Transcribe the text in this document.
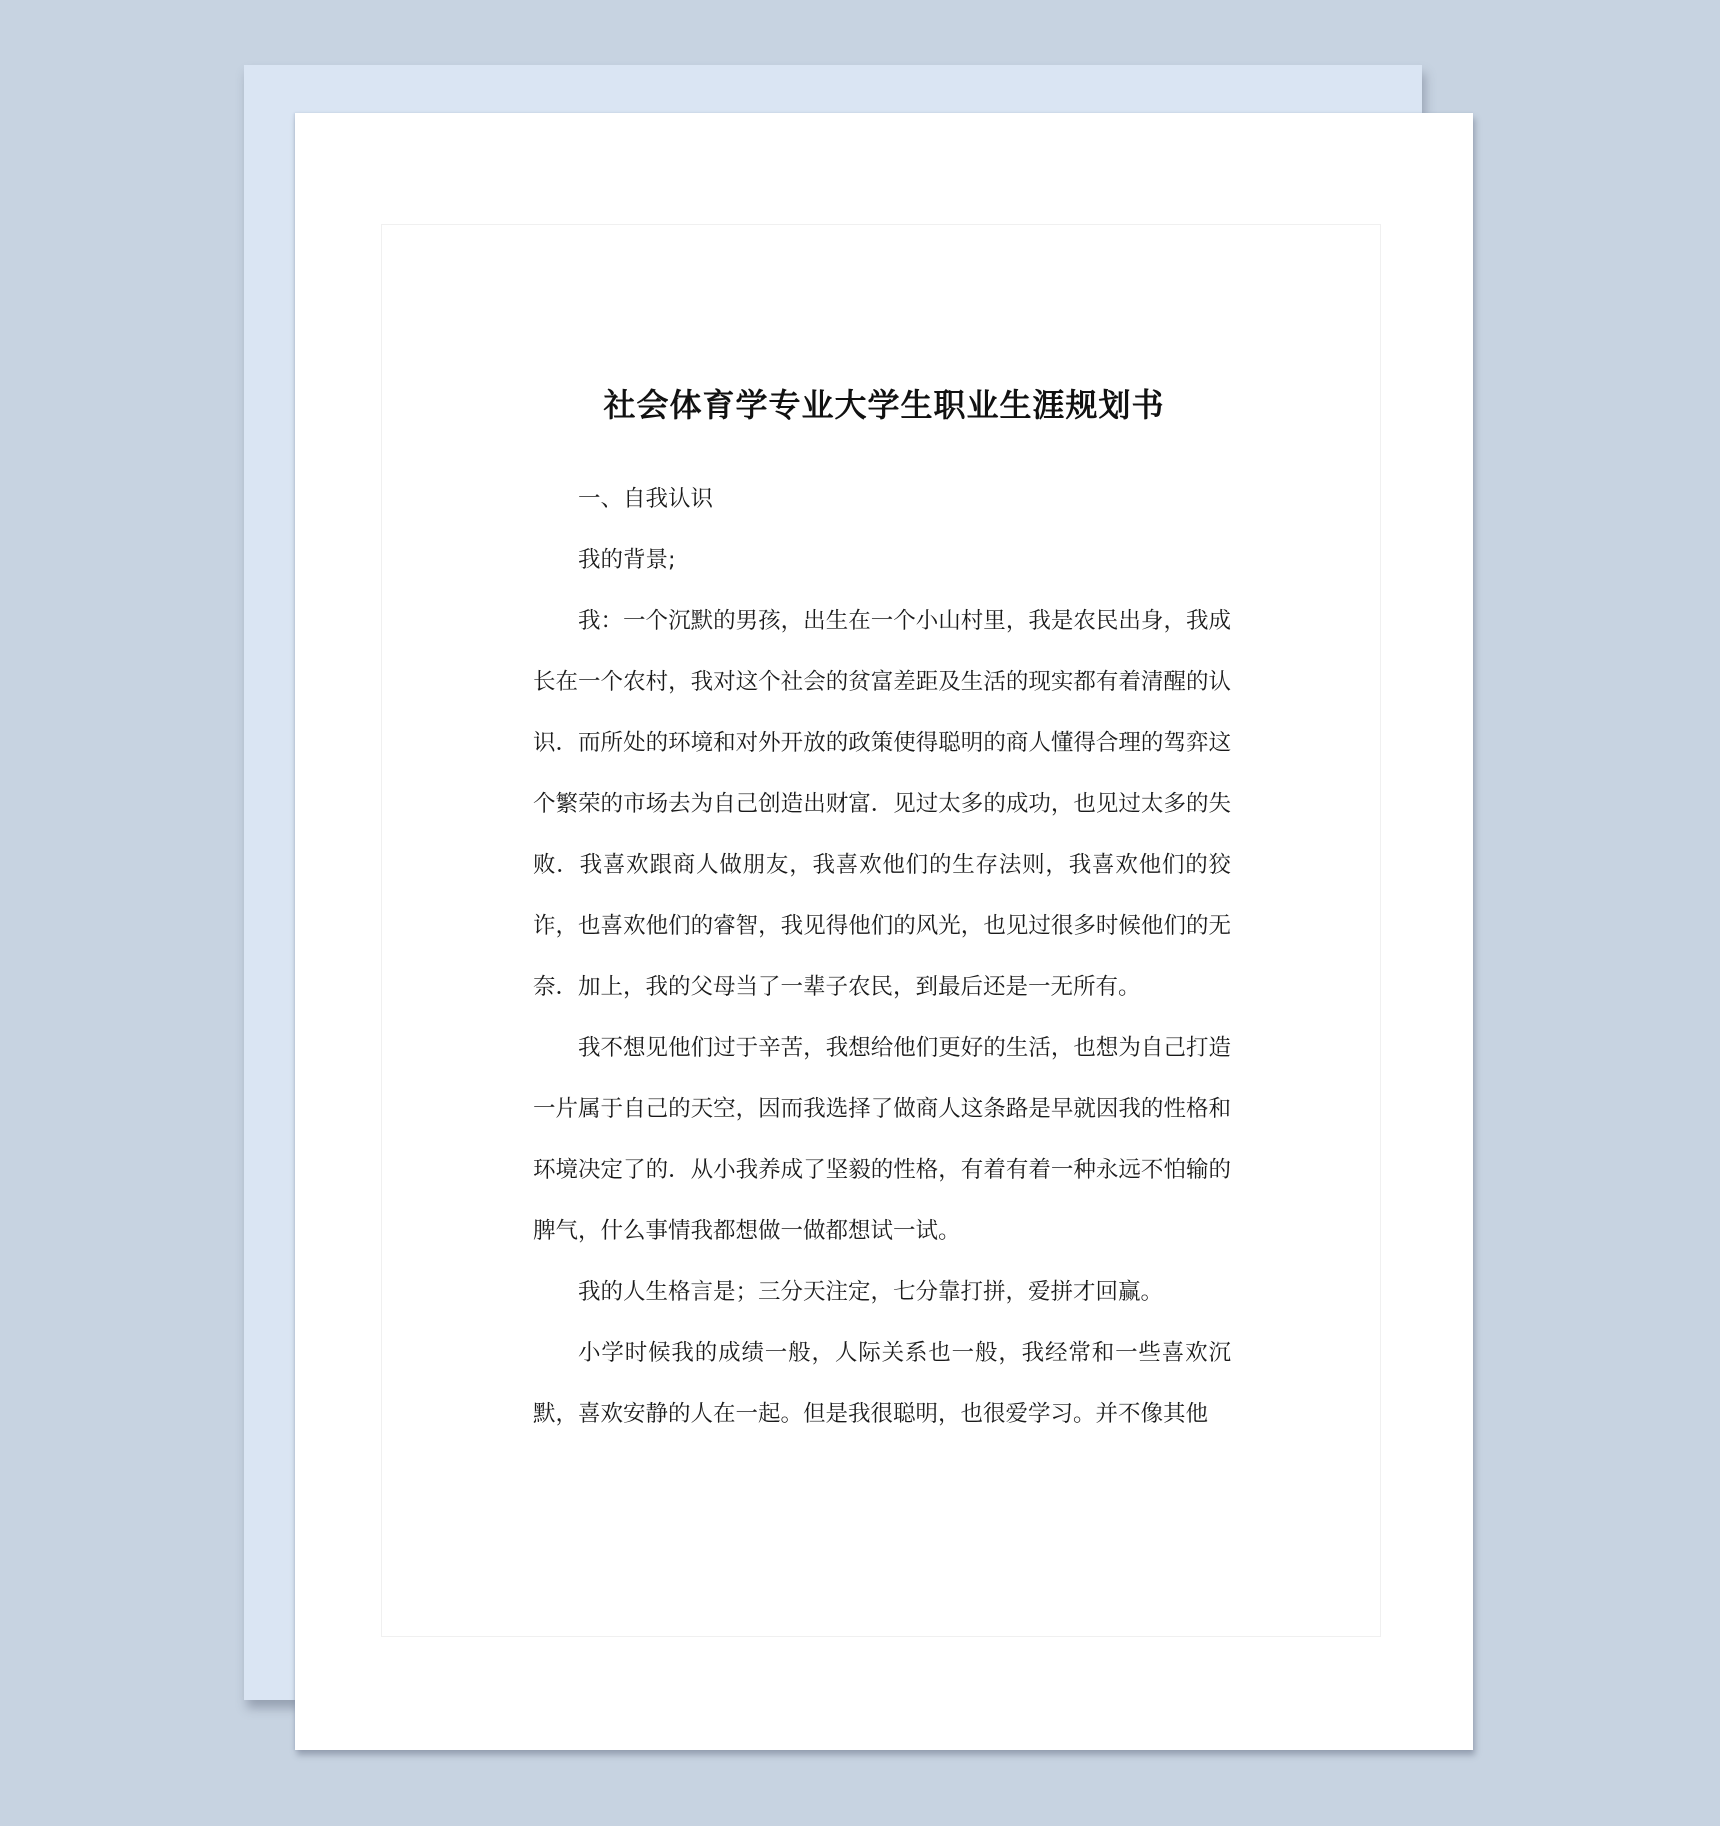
社会体育学专业大学生职业生涯规划书

一、自我认识

我的背景;

我：一个沉默的男孩，出生在一个小山村里，我是农民出身，我成长在一个农村，我对这个社会的贫富差距及生活的现实都有着清醒的认识．而所处的环境和对外开放的政策使得聪明的商人懂得合理的驾弈这个繁荣的市场去为自己创造出财富．见过太多的成功，也见过太多的失败．我喜欢跟商人做朋友，我喜欢他们的生存法则，我喜欢他们的狡诈，也喜欢他们的睿智，我见得他们的风光，也见过很多时候他们的无奈．加上，我的父母当了一辈子农民，到最后还是一无所有。

我不想见他们过于辛苦，我想给他们更好的生活，也想为自己打造一片属于自己的天空，因而我选择了做商人这条路是早就因我的性格和环境决定了的．从小我养成了坚毅的性格，有着有着一种永远不怕输的脾气，什么事情我都想做一做都想试一试。

我的人生格言是；三分天注定，七分靠打拼，爱拼才回赢。

小学时候我的成绩一般，人际关系也一般，我经常和一些喜欢沉默，喜欢安静的人在一起。但是我很聪明，也很爱学习。并不像其他
